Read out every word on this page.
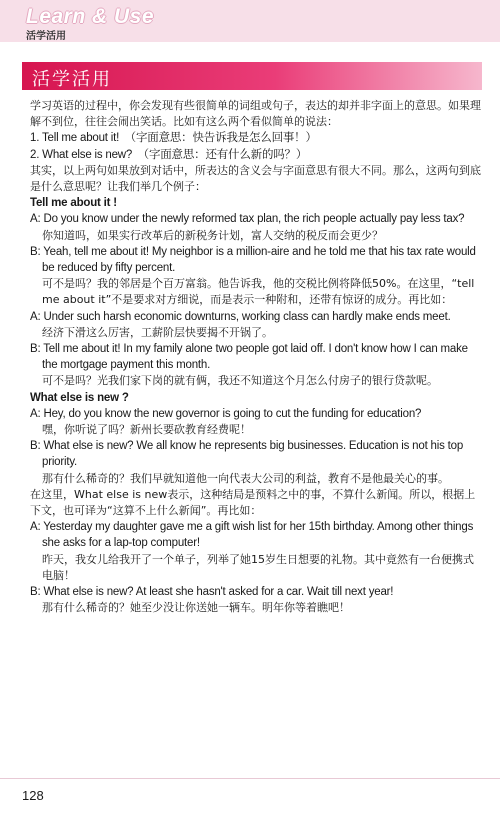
Learn & Use
活学活用
活学活用

学习英语的过程中，你会发现有些很简单的词组或句子，表达的却并非字面上的意思。如果理解不到位，往往会闹出笑话。比如有这么两个看似简单的说法：

1. Tell me about it!　（字面意思：快告诉我是怎么回事！）

2. What else is new?　（字面意思：还有什么新的吗？）

其实，以上两句如果放到对话中，所表达的含义会与字面意思有很大不同。那么，这两句到底是什么意思呢？让我们举几个例子：

Tell me about it !

A: Do you know under the newly reformed tax plan, the rich people actually pay less tax?

你知道吗，如果实行改革后的新税务计划，富人交纳的税反而会更少？

B: Yeah, tell me about it! My neighbor is a million-aire and he told me that his tax rate would be reduced by fifty percent.

可不是吗？我的邻居是个百万富翁。他告诉我，他的交税比例将降低50%。在这里，“tell me about it”不是要求对方细说，而是表示一种附和，还带有惊讶的成分。再比如：

A: Under such harsh economic downturns, working class can hardly make ends meet.

经济下滑这么厉害，工薪阶层快要揭不开锅了。

B: Tell me about it! In my family alone two people got laid off. I don't know how I can make the mortgage payment this month.

可不是吗？光我们家下岗的就有俩，我还不知道这个月怎么付房子的银行贷款呢。

What else is new ?

A: Hey, do you know the new governor is going to cut the funding for education?

嘿，你听说了吗？新州长要砍教育经费呢！

B: What else is new? We all know he represents big businesses. Education is not his top priority.

那有什么稀奇的？我们早就知道他一向代表大公司的利益，教育不是他最关心的事。

在这里，What else is new表示，这种结局是预料之中的事，不算什么新闻。所以，根据上下文，也可译为“这算不上什么新闻”。再比如：

A: Yesterday my daughter gave me a gift wish list for her 15th birthday. Among other things she asks for a lap-top computer!

昨天，我女儿给我开了一个单子，列举了她15岁生日想要的礼物。其中竟然有一台便携式电脑！

B: What else is new? At least she hasn't asked for a car. Wait till next year!

那有什么稀奇的？她至少没让你送她一辆车。明年你等着瞧吧！

128
